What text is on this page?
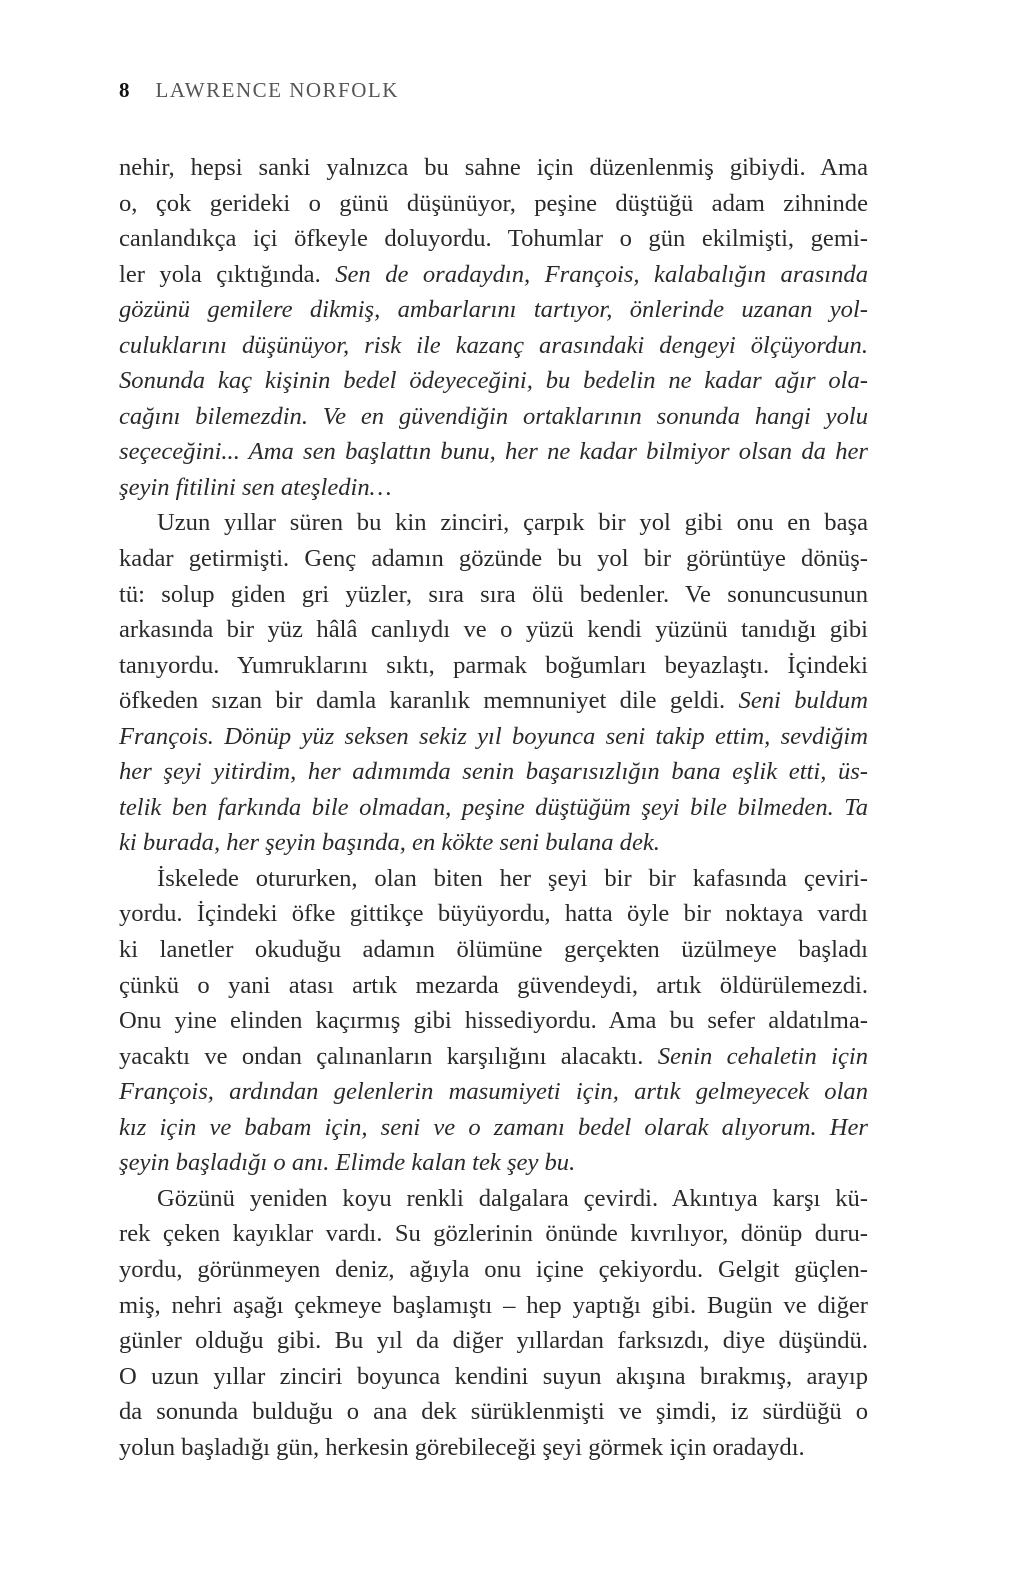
8 LAWRENCE NORFOLK
nehir, hepsi sanki yalnızca bu sahne için düzenlenmiş gibiydi. Ama
o, çok gerideki o günü düşünüyor, peşine düştüğü adam zihninde
canlandıkça içi öfkeyle doluyordu. Tohumlar o gün ekilmişti, gemi-
ler yola çıktığında. Sen de oradaydın, François, kalabalığın arasında
gözünü gemilere dikmiş, ambarlarını tartıyor, önlerinde uzanan yol-
culuklarını düşünüyor, risk ile kazanç arasındaki dengeyi ölçüyordun.
Sonunda kaç kişinin bedel ödeyeceğini, bu bedelin ne kadar ağır ola-
cağını bilemezdin. Ve en güvendiğin ortaklarının sonunda hangi yolu
seçeceğini... Ama sen başlattın bunu, her ne kadar bilmiyor olsan da her
şeyin fitilini sen ateşledin…
Uzun yıllar süren bu kin zinciri, çarpık bir yol gibi onu en başa
kadar getirmişti. Genç adamın gözünde bu yol bir görüntüye dönüş-
tü: solup giden gri yüzler, sıra sıra ölü bedenler. Ve sonuncusunun
arkasında bir yüz hâlâ canlıydı ve o yüzü kendi yüzünü tanıdığı gibi
tanıyordu. Yumruklarını sıktı, parmak boğumları beyazlaştı. İçindeki
öfkeden sızan bir damla karanlık memnuniyet dile geldi. Seni buldum
François. Dönüp yüz seksen sekiz yıl boyunca seni takip ettim, sevdiğim
her şeyi yitirdim, her adımımda senin başarısızlığın bana eşlik etti, üs-
telik ben farkında bile olmadan, peşine düştüğüm şeyi bile bilmeden. Ta
ki burada, her şeyin başında, en kökte seni bulana dek.
İskelede otururken, olan biten her şeyi bir bir kafasında çeviri-
yordu. İçindeki öfke gittikçe büyüyordu, hatta öyle bir noktaya vardı
ki lanetler okuduğu adamın ölümüne gerçekten üzülmeye başladı
çünkü o yani atası artık mezarda güvendeydi, artık öldürülemezdi.
Onu yine elinden kaçırmış gibi hissediyordu. Ama bu sefer aldatılma-
yacaktı ve ondan çalınanların karşılığını alacaktı. Senin cehaletin için
François, ardından gelenlerin masumiyeti için, artık gelmeyecek olan
kız için ve babam için, seni ve o zamanı bedel olarak alıyorum. Her
şeyin başladığı o anı. Elimde kalan tek şey bu.
Gözünü yeniden koyu renkli dalgalara çevirdi. Akıntıya karşı kü-
rek çeken kayıklar vardı. Su gözlerinin önünde kıvrılıyor, dönüp duru-
yordu, görünmeyen deniz, ağıyla onu içine çekiyordu. Gelgit güçlen-
miş, nehri aşağı çekmeye başlamıştı – hep yaptığı gibi. Bugün ve diğer
günler olduğu gibi. Bu yıl da diğer yıllardan farksızdı, diye düşündü.
O uzun yıllar zinciri boyunca kendini suyun akışına bırakmış, arayıp
da sonunda bulduğu o ana dek sürüklenmişti ve şimdi, iz sürdüğü o
yolun başladığı gün, herkesin görebileceği şeyi görmek için oradaydı.
